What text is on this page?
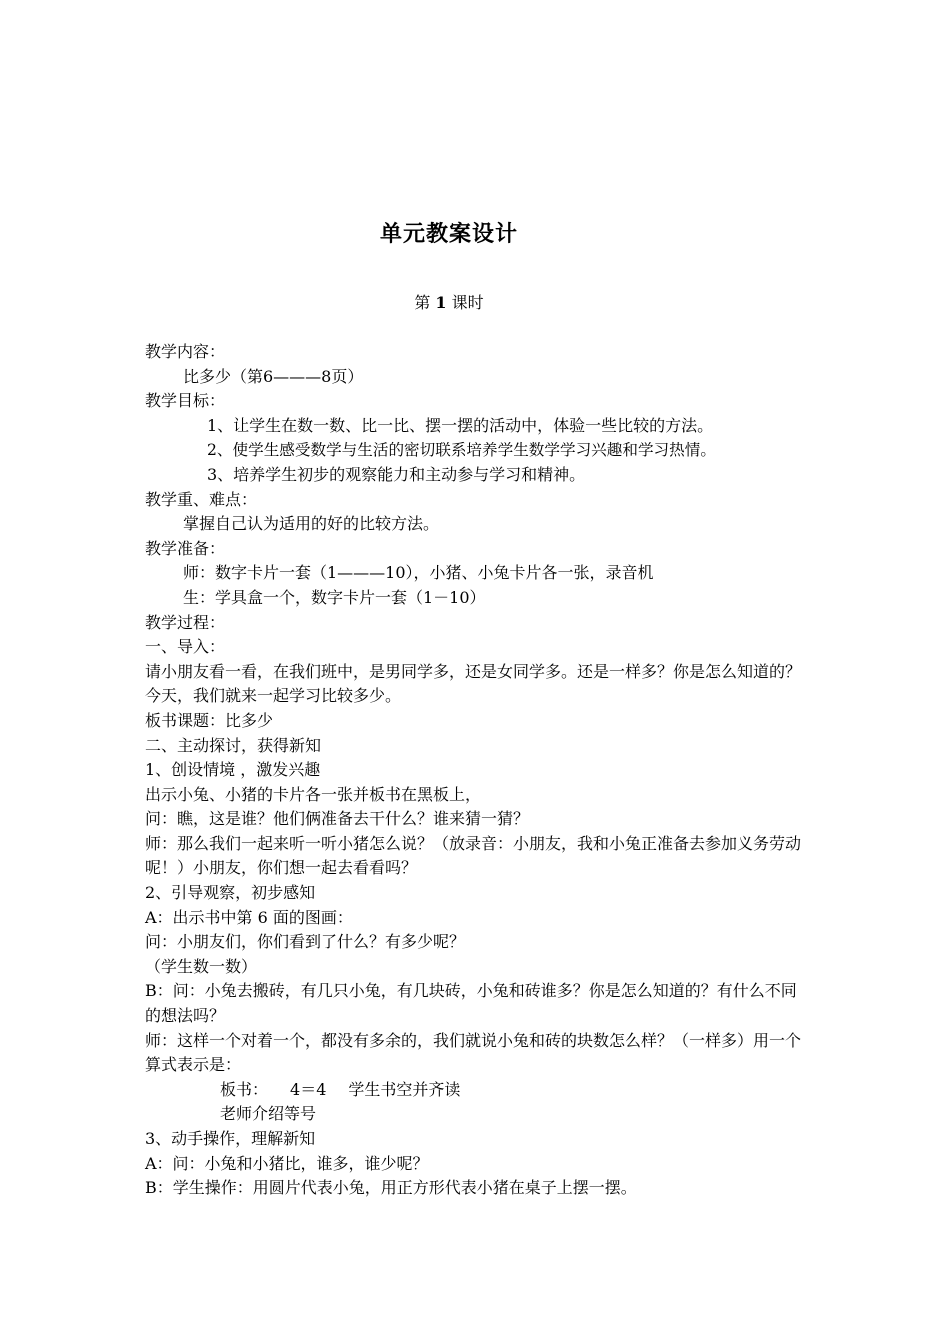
单元教案设计
第 1 课时
教学内容：
比多少（第6———8页）
教学目标：
1、让学生在数一数、比一比、摆一摆的活动中，体验一些比较的方法。
2、使学生感受数学与生活的密切联系培养学生数学学习兴趣和学习热情。
3、培养学生初步的观察能力和主动参与学习和精神。
教学重、难点：
掌握自己认为适用的好的比较方法。
教学准备：
师：数字卡片一套（1———10），小猪、小兔卡片各一张，录音机
生：学具盒一个，数字卡片一套（1－10）
教学过程：
一、导入：
请小朋友看一看，在我们班中，是男同学多，还是女同学多。还是一样多？你是怎么知道的？今天，我们就来一起学习比较多少。
板书课题：比多少
二、主动探讨，获得新知
1、创设情境 ，激发兴趣
出示小兔、小猪的卡片各一张并板书在黑板上，
问：瞧，这是谁？他们俩准备去干什么？谁来猜一猜？
师：那么我们一起来听一听小猪怎么说？（放录音：小朋友，我和小兔正准备去参加义务劳动呢！）小朋友，你们想一起去看看吗？
2、引导观察，初步感知
A：出示书中第 6 面的图画：
问：小朋友们，你们看到了什么？有多少呢？
（学生数一数）
B：问：小兔去搬砖，有几只小兔，有几块砖，小兔和砖谁多？你是怎么知道的？有什么不同的想法吗？
师：这样一个对着一个，都没有多余的，我们就说小兔和砖的块数怎么样？（一样多）用一个算式表示是：
板书： 4＝4 学生书空并齐读
老师介绍等号
3、动手操作，理解新知
A：问：小兔和小猪比，谁多，谁少呢？
B：学生操作：用圆片代表小兔，用正方形代表小猪在桌子上摆一摆。
